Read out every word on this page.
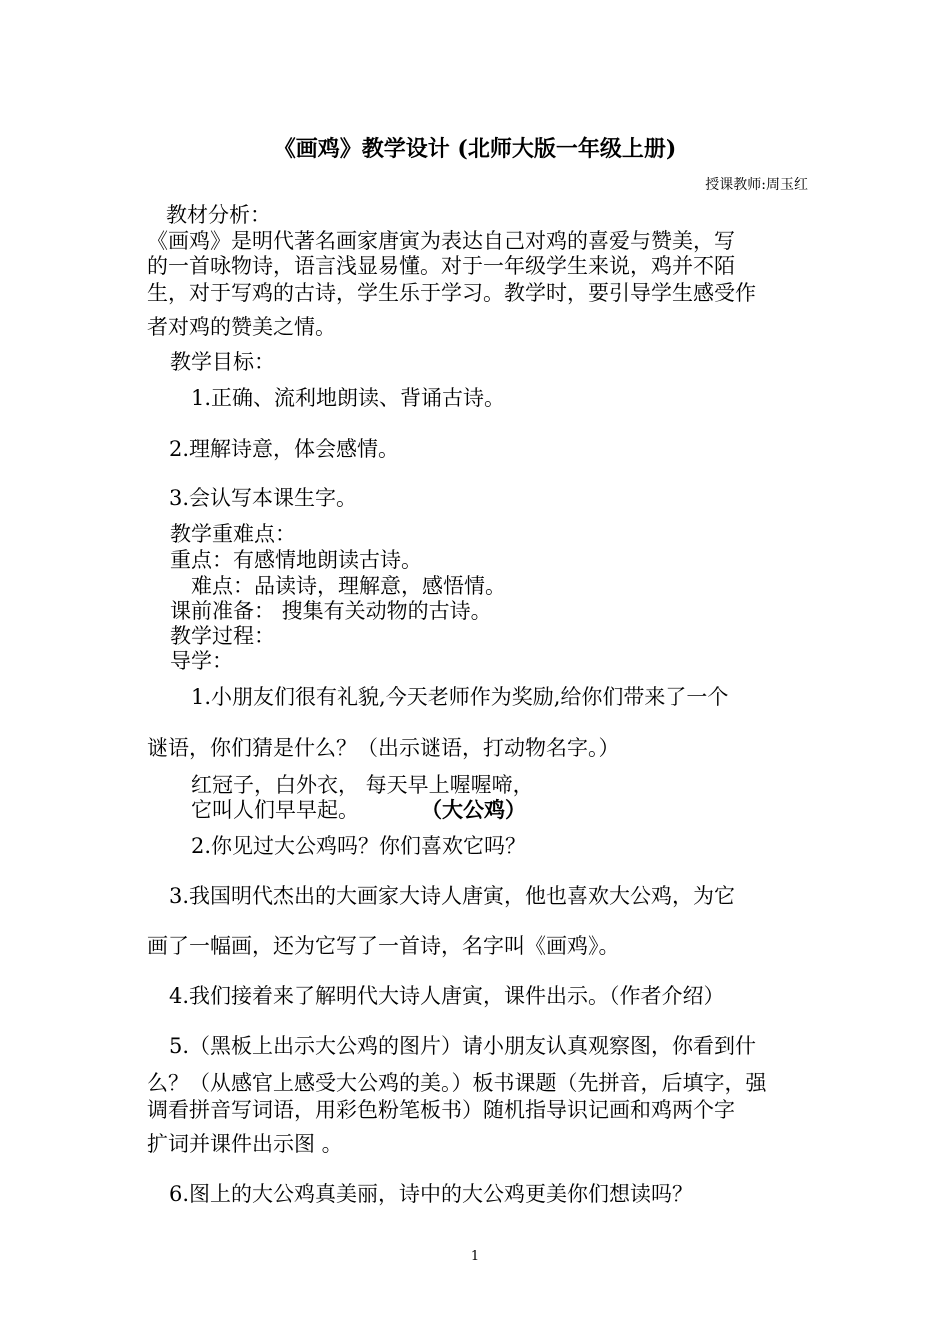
《画鸡》教学设计 (北师大版一年级上册)
授课教师:周玉红
教材分析：
《画鸡》是明代著名画家唐寅为表达自己对鸡的喜爱与赞美，写
的一首咏物诗，语言浅显易懂。对于一年级学生来说，鸡并不陌
生，对于写鸡的古诗，学生乐于学习。教学时，要引导学生感受作
者对鸡的赞美之情。
教学目标：
1.正确、流利地朗读、背诵古诗。
2.理解诗意，体会感情。
3.会认写本课生字。
教学重难点：
重点：有感情地朗读古诗。
难点：品读诗，理解意，感悟情。
课前准备： 搜集有关动物的古诗。
教学过程：
导学：
1.小朋友们很有礼貌,今天老师作为奖励,给你们带来了一个
谜语，你们猜是什么？（出示谜语，打动物名字。）
红冠子，白外衣， 每天早上喔喔啼，
它叫人们早早起。	（大公鸡）
2.你见过大公鸡吗？你们喜欢它吗？
3.我国明代杰出的大画家大诗人唐寅，他也喜欢大公鸡，为它
画了一幅画，还为它写了一首诗，名字叫《画鸡》。
4.我们接着来了解明代大诗人唐寅，课件出示。（作者介绍）
5.（黑板上出示大公鸡的图片）请小朋友认真观察图，你看到什
么？（从感官上感受大公鸡的美。）板书课题（先拼音，后填字，强
调看拼音写词语，用彩色粉笔板书）随机指导识记画和鸡两个字
扩词并课件出示图 。
6.图上的大公鸡真美丽，诗中的大公鸡更美你们想读吗？
1
